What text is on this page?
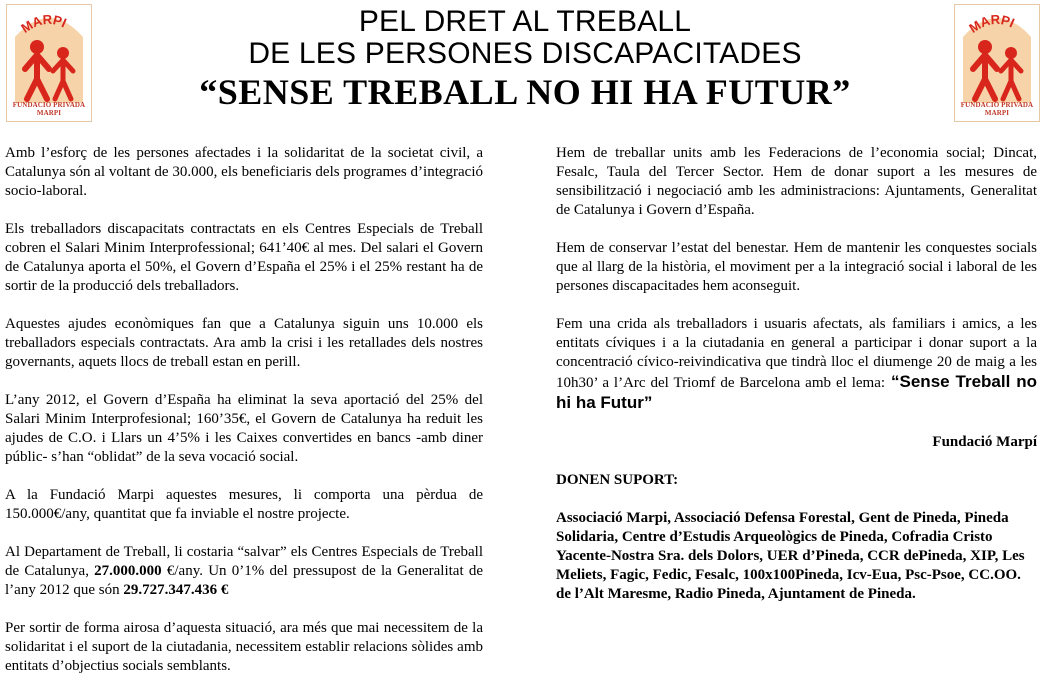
MARPI
FUNDACIÓ PRIVADA MARPI
MARPI
FUNDACIÓ PRIVADA MARPI
PEL DRET AL TREBALL
DE LES PERSONES DISCAPACITADES
“SENSE TREBALL NO HI HA FUTUR”

Amb l’esforç de les persones afectades i la solidaritat de la societat civil, a Catalunya són al voltant de 30.000, els beneficiaris dels programes d’integració socio-laboral.

Els treballadors discapacitats contractats en els Centres Especials de Treball cobren el Salari Minim Interprofessional; 641’40€ al mes. Del salari el Govern de Catalunya aporta el 50%, el Govern d’España el 25% i el 25% restant ha de sortir de la producció dels treballadors.

Aquestes ajudes econòmiques fan que a Catalunya siguin uns 10.000 els treballadors especials contractats. Ara amb la crisi i les retallades dels nostres governants, aquets llocs de treball estan en perill.

L’any 2012, el Govern d’España ha eliminat la seva aportació del 25% del Salari Minim Interprofesional; 160’35€, el Govern de Catalunya ha reduit les ajudes de C.O. i Llars un 4’5% i les Caixes convertides en bancs -amb diner públic- s’han “oblidat” de la seva vocació social.

A la Fundació Marpi aquestes mesures, li comporta una pèrdua de 150.000€/any, quantitat que fa inviable el nostre projecte.

Al Departament de Treball, li costaria “salvar” els Centres Especials de Treball de Catalunya, 27.000.000 €/any. Un 0’1% del pressupost de la Generalitat de l’any 2012 que són 29.727.347.436 €

Per sortir de forma airosa d’aquesta situació, ara més que mai necessitem de la solidaritat i el suport de la ciutadania, necessitem establir relacions sòlides amb entitats d’objectius socials semblants.

Hem de treballar units amb les Federacions de l’economia social; Dincat, Fesalc, Taula del Tercer Sector. Hem de donar suport a les mesures de sensibilització i negociació amb les administracions: Ajuntaments, Generalitat de Catalunya i Govern d’España.

Hem de conservar l’estat del benestar. Hem de mantenir les conquestes socials que al llarg de la història, el moviment per a la integració social i laboral de les persones discapacitades hem aconseguit.

Fem una crida als treballadors i usuaris afectats, als familiars i amics, a les entitats cíviques i a la ciutadania en general a participar i donar suport a la concentració cívico-reivindicativa que tindrà lloc el diumenge 20 de maig a les 10h30’ a l’Arc del Triomf de Barcelona amb el lema: “Sense Treball no hi ha Futur”

Fundació Marpí

DONEN SUPORT:

Associació Marpi, Associació Defensa Forestal, Gent de Pineda, Pineda Solidaria, Centre d’Estudis Arqueològics de Pineda, Cofradia Cristo Yacente-Nostra Sra. dels Dolors, UER d’Pineda, CCR dePineda, XIP, Les Meliets, Fagic, Fedic, Fesalc, 100x100Pineda, Icv-Eua, Psc-Psoe, CC.OO. de l’Alt Maresme, Radio Pineda, Ajuntament de Pineda.
